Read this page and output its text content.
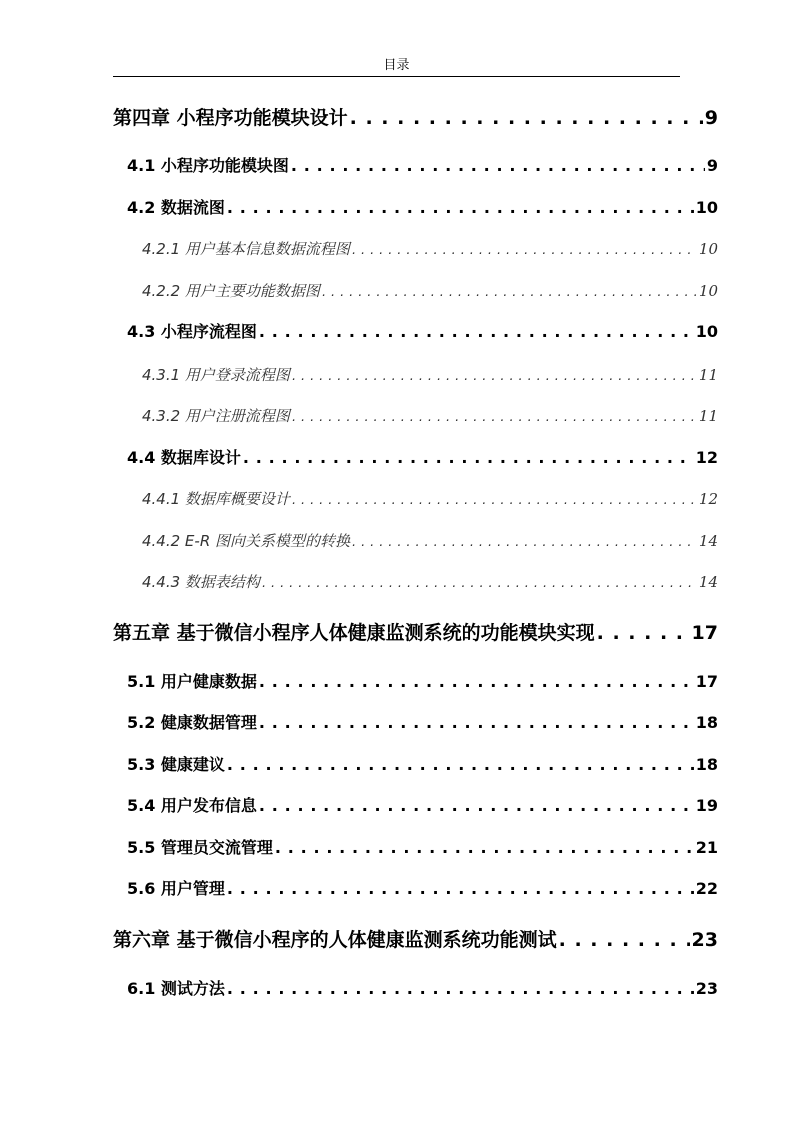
目录
第四章 小程序功能模块设计 . . .	9
4.1 小程序功能模块图 . . .	9
4.2 数据流图 . . .	10
4.2.1 用户基本信息数据流程图 . . .	10
4.2.2 用户主要功能数据图 . . .	10
4.3 小程序流程图 . . .	10
4.3.1 用户登录流程图 . . .	11
4.3.2 用户注册流程图 . . .	11
4.4 数据库设计 . . .	12
4.4.1 数据库概要设计 . . .	12
4.4.2 E-R 图向关系模型的转换 . . .	14
4.4.3 数据表结构 . . .	14
第五章 基于微信小程序人体健康监测系统的功能模块实现 . . .	17
5.1 用户健康数据 . . .	17
5.2 健康数据管理 . . .	18
5.3 健康建议 . . .	18
5.4 用户发布信息 . . .	19
5.5 管理员交流管理 . . .	21
5.6 用户管理 . . .	22
第六章 基于微信小程序的人体健康监测系统功能测试 . . .	23
6.1 测试方法 . . .	23
